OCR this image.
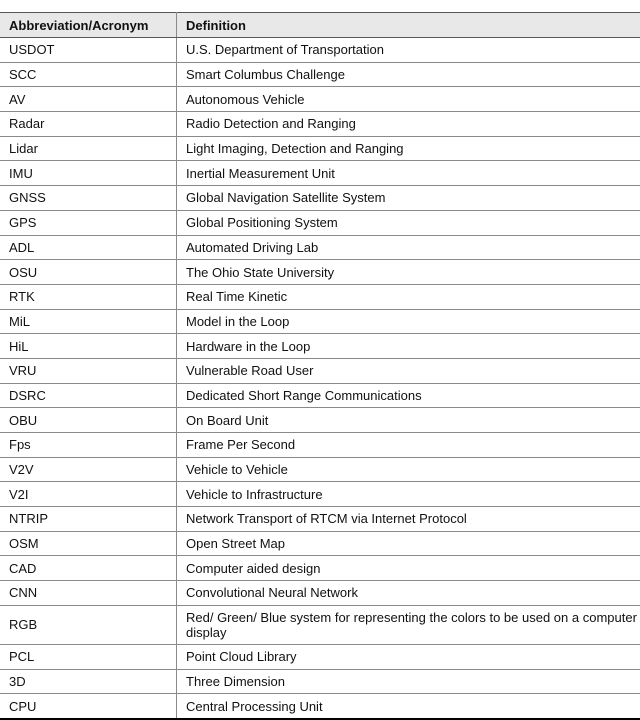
Abbreviation/Acronym	Definition
USDOT	U.S. Department of Transportation
SCC	Smart Columbus Challenge
AV	Autonomous Vehicle
Radar	Radio Detection and Ranging
Lidar	Light Imaging, Detection and Ranging
IMU	Inertial Measurement Unit
GNSS	Global Navigation Satellite System
GPS	Global Positioning System
ADL	Automated Driving Lab
OSU	The Ohio State University
RTK	Real Time Kinetic
MiL	Model in the Loop
HiL	Hardware in the Loop
VRU	Vulnerable Road User
DSRC	Dedicated Short Range Communications
OBU	On Board Unit
Fps	Frame Per Second
V2V	Vehicle to Vehicle
V2I	Vehicle to Infrastructure
NTRIP	Network Transport of RTCM via Internet Protocol
OSM	Open Street Map
CAD	Computer aided design
CNN	Convolutional Neural Network
RGB	Red/ Green/ Blue system for representing the colors to be used on a computer display
PCL	Point Cloud Library
3D	Three Dimension
CPU	Central Processing Unit
